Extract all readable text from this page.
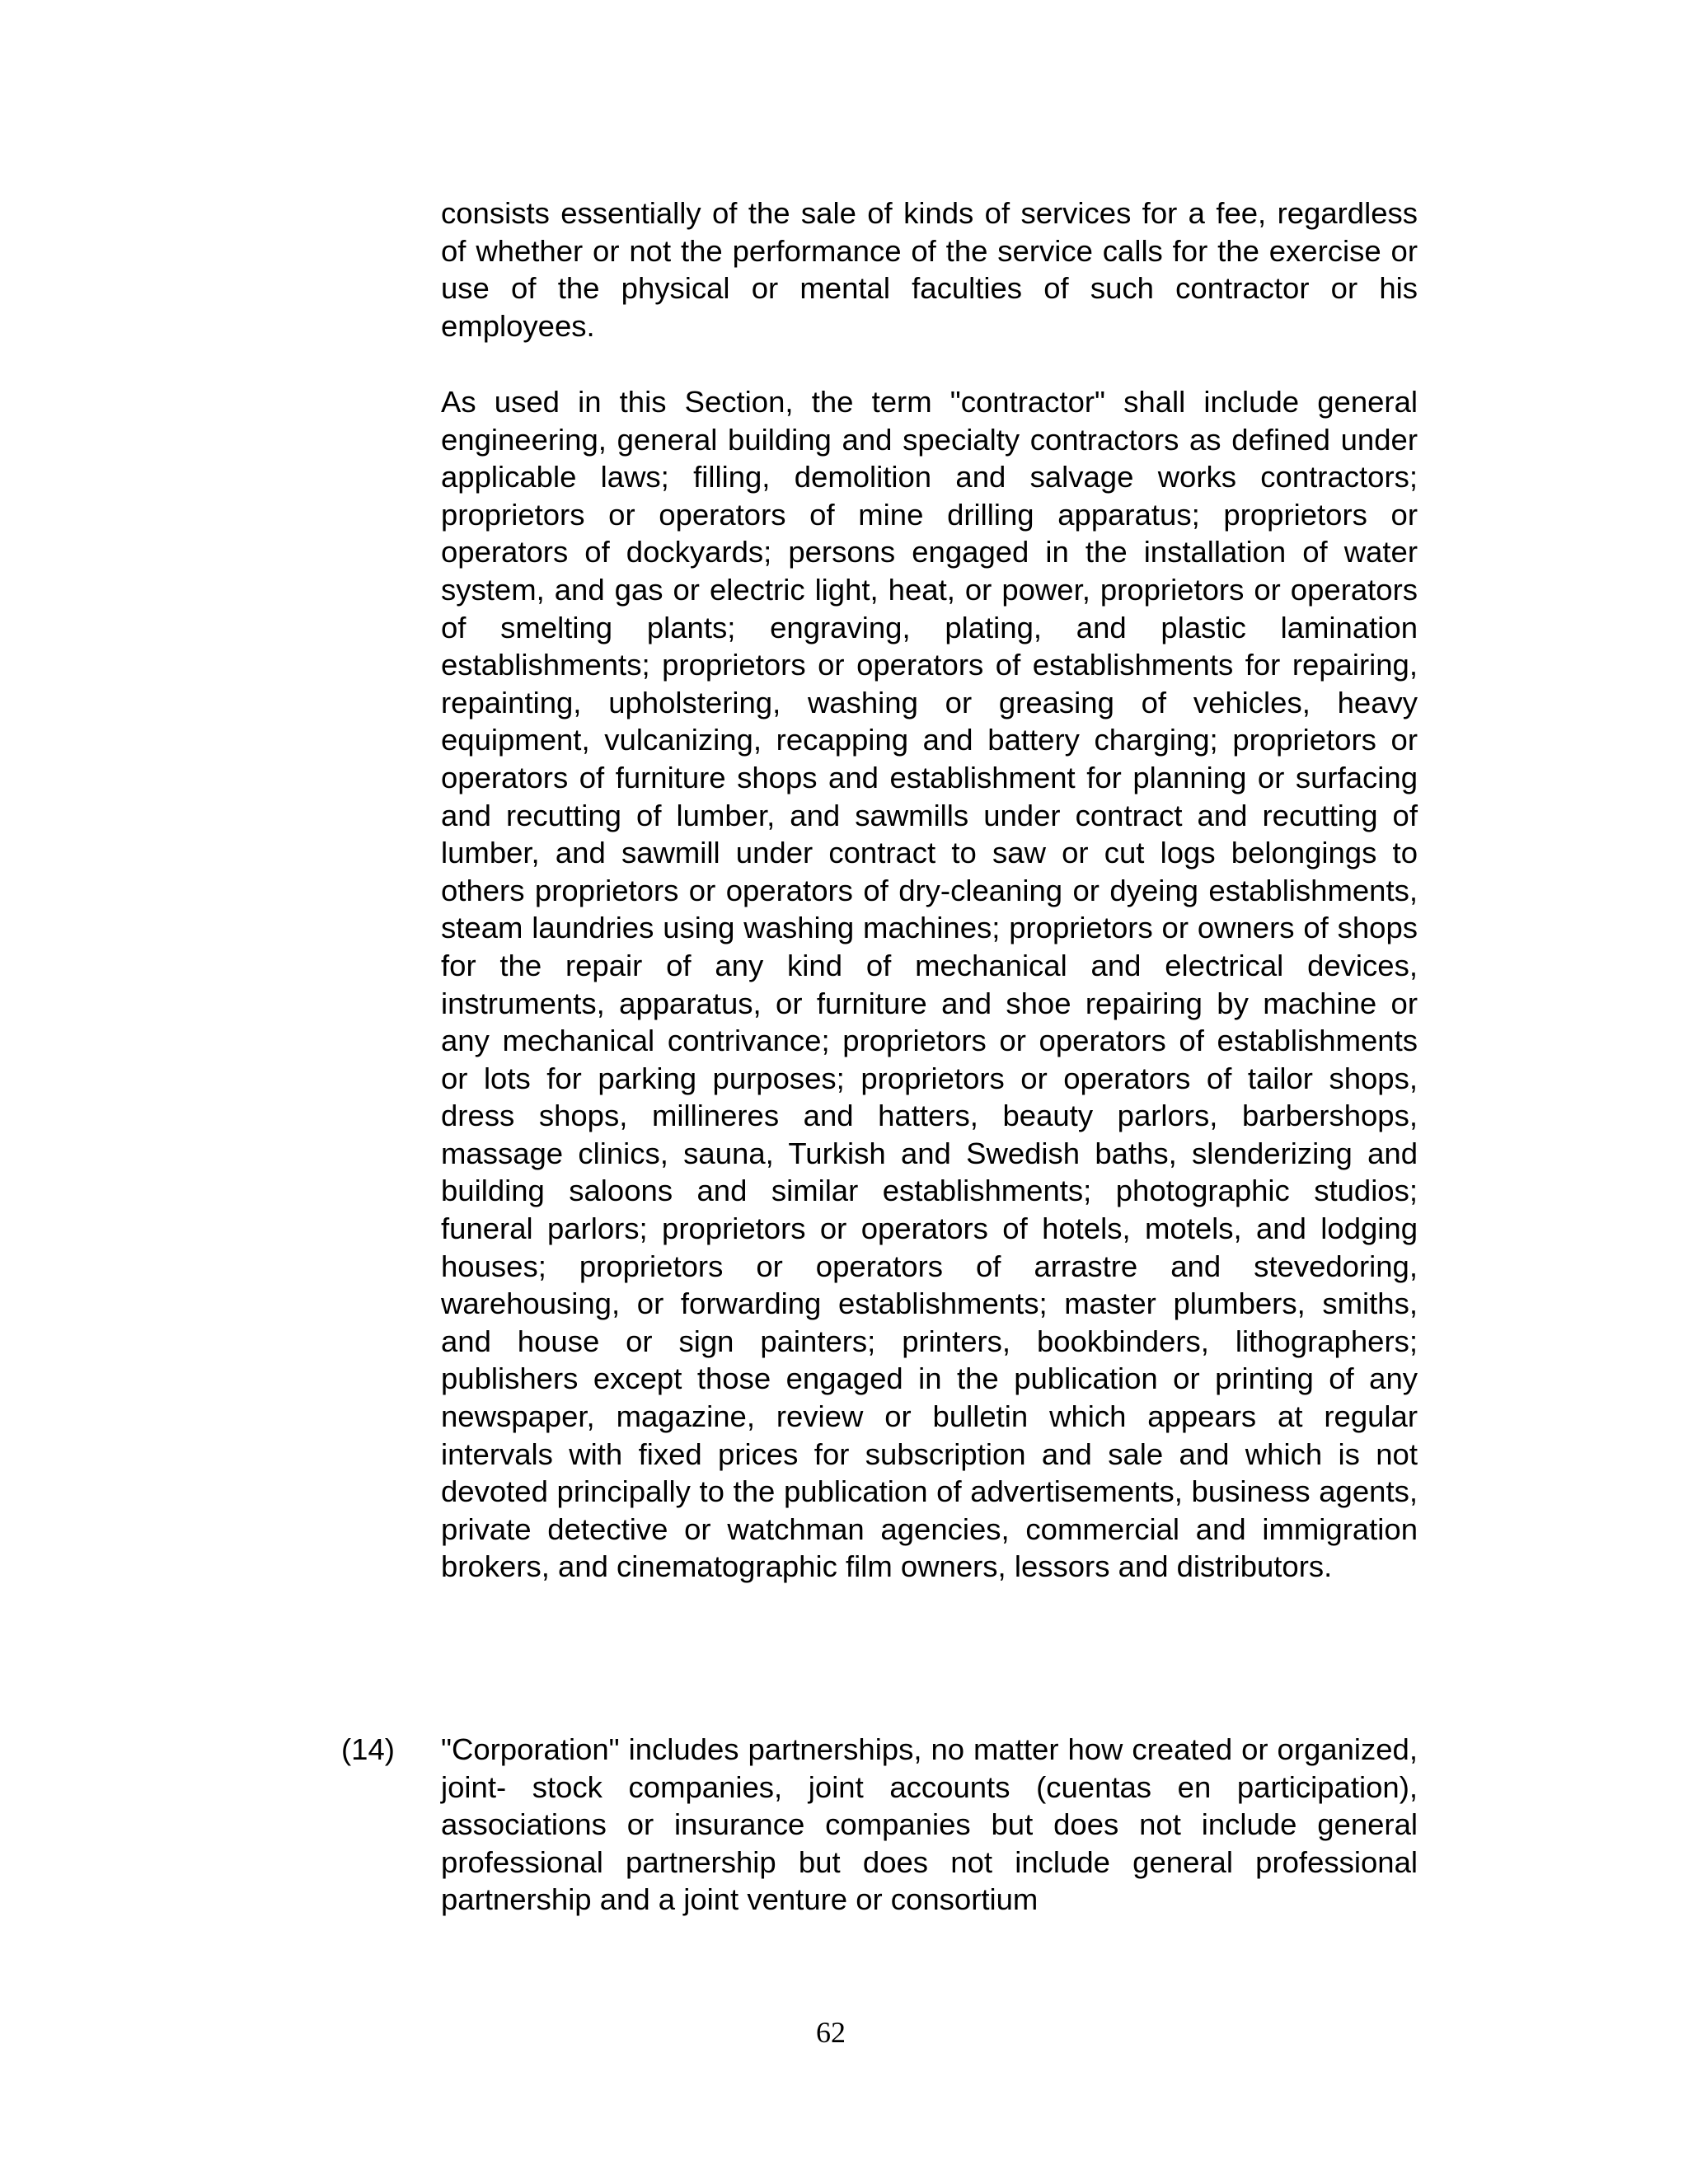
consists essentially of the sale of kinds of services for a fee, regardless of whether or not the performance of the service calls for the exercise or use of the physical or mental faculties of such contractor or his employees.

As used in this Section, the term "contractor" shall include general engineering, general building and specialty contractors as defined under applicable laws; filling, demolition and salvage works contractors; proprietors or operators of mine drilling apparatus; proprietors or operators of dockyards; persons engaged in the installation of water system, and gas or electric light, heat, or power, proprietors or operators of smelting plants; engraving, plating, and plastic lamination establishments; proprietors or operators of establishments for repairing, repainting, upholstering, washing or greasing of vehicles, heavy equipment, vulcanizing, recapping and battery charging; proprietors or operators of furniture shops and establishment for planning or surfacing and recutting of lumber, and sawmills under contract and recutting of lumber, and sawmill under contract to saw or cut logs belongings to others proprietors or operators of dry-cleaning or dyeing establishments, steam laundries using washing machines; proprietors or owners of shops for the repair of any kind of mechanical and electrical devices, instruments, apparatus, or furniture and shoe repairing by machine or any mechanical contrivance; proprietors or operators of establishments or lots for parking purposes; proprietors or operators of tailor shops, dress shops, millineres and hatters, beauty parlors, barbershops, massage clinics, sauna, Turkish and Swedish baths, slenderizing and building saloons and similar establishments; photographic studios; funeral parlors; proprietors or operators of hotels, motels, and lodging houses; proprietors or operators of arrastre and stevedoring, warehousing, or forwarding establishments; master plumbers, smiths, and house or sign painters; printers, bookbinders, lithographers; publishers except those engaged in the publication or printing of any newspaper, magazine, review or bulletin which appears at regular intervals with fixed prices for subscription and sale and which is not devoted principally to the publication of advertisements, business agents, private detective or watchman agencies, commercial and immigration brokers, and cinematographic film owners, lessors and distributors.

(14) "Corporation" includes partnerships, no matter how created or organized, joint- stock companies, joint accounts (cuentas en participation), associations or insurance companies but does not include general professional partnership but does not include general professional partnership and a joint venture or consortium

62
